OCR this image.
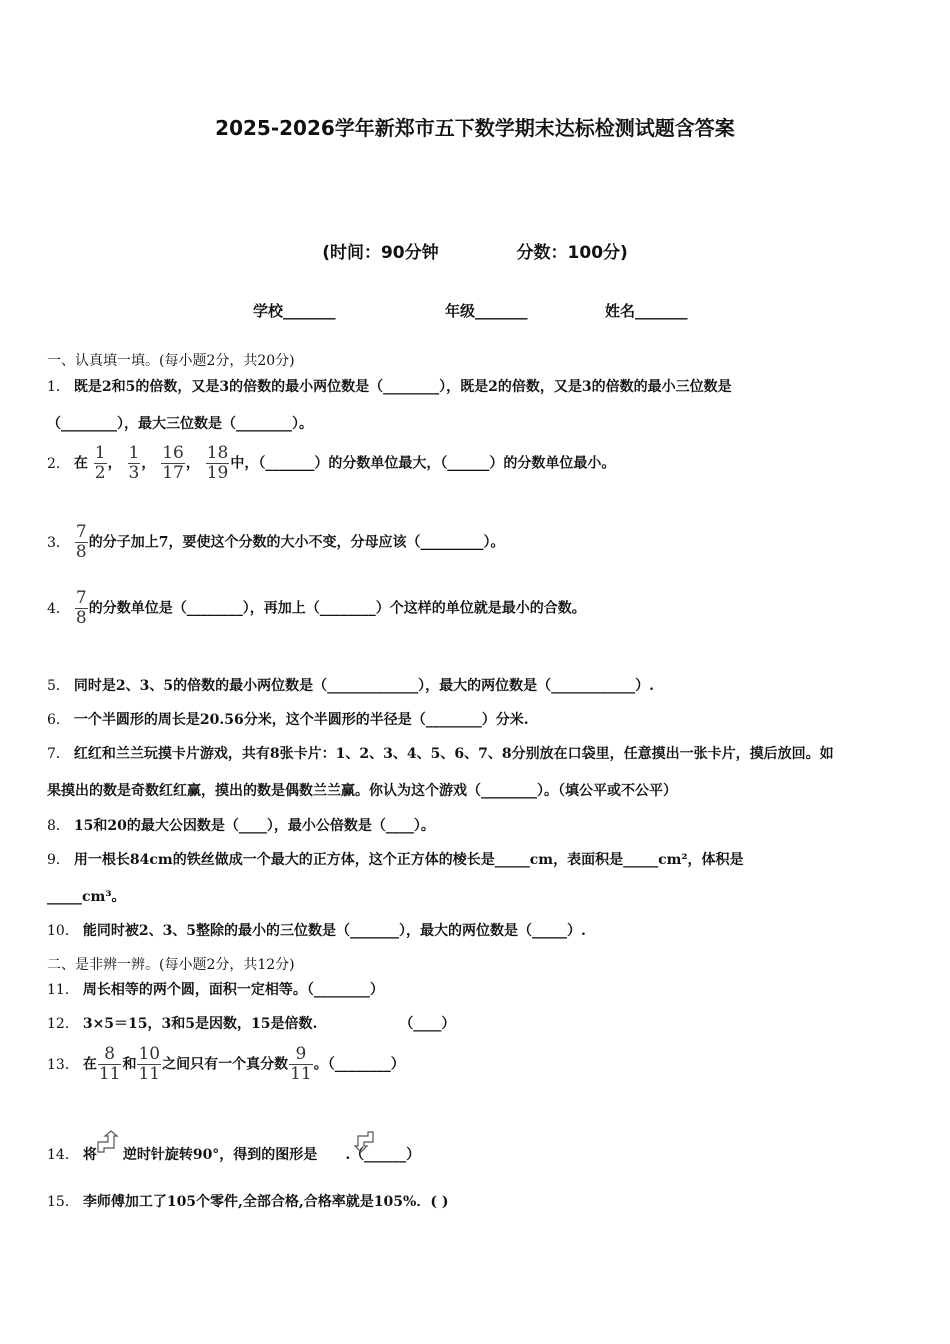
2025-2026学年新郑市五下数学期末达标检测试题含答案
(时间：90分钟	分数：100分)
学校_______	年级_______	姓名_______
一、认真填一填。(每小题2分，共20分)
1． 既是2和5的倍数，又是3的倍数的最小两位数是（________），既是2的倍数，又是3的倍数的最小三位数是
（________），最大三位数是（________）。
2． 在 $\frac{1}{2}$ ， $\frac{1}{3}$ ， $\frac{16}{17}$ ， $\frac{18}{19}$ 中，（_______）的分数单位最大，（______）的分数单位最小。
3． $\frac{7}{8}$ 的分子加上7，要使这个分数的大小不变，分母应该（_________）。
4． $\frac{7}{8}$ 的分数单位是（________），再加上（________）个这样的单位就是最小的合数。
5． 同时是2、3、5的倍数的最小两位数是（_____________），最大的两位数是（____________）.
6． 一个半圆形的周长是20.56分米，这个半圆形的半径是（________）分米.
7． 红红和兰兰玩摸卡片游戏，共有8张卡片：1、2、3、4、5、6、7、8分别放在口袋里，任意摸出一张卡片，摸后放回。如
果摸出的数是奇数红红赢，摸出的数是偶数兰兰赢。你认为这个游戏（________）。（填公平或不公平）
8． 15和20的最大公因数是（____），最小公倍数是（____）。
9． 用一根长84cm的铁丝做成一个最大的正方体，这个正方体的棱长是_____cm，表面积是_____cm²，体积是
_____cm³。
10． 能同时被2、3、5整除的最小的三位数是（_______），最大的两位数是（_____）.
二、是非辨一辨。(每小题2分，共12分)
11． 周长相等的两个圆，面积一定相等。（________）
12． 3×5＝15，3和5是因数，15是倍数.	（____）
13． 在 $\frac{8}{11}$ 和 $\frac{10}{11}$ 之间只有一个真分数 $\frac{9}{11}$ 。（________）
14． 将 逆时针旋转90°，得到的图形是 .（______）
15． 李师傅加工了105个零件,全部合格,合格率就是105%．( )
